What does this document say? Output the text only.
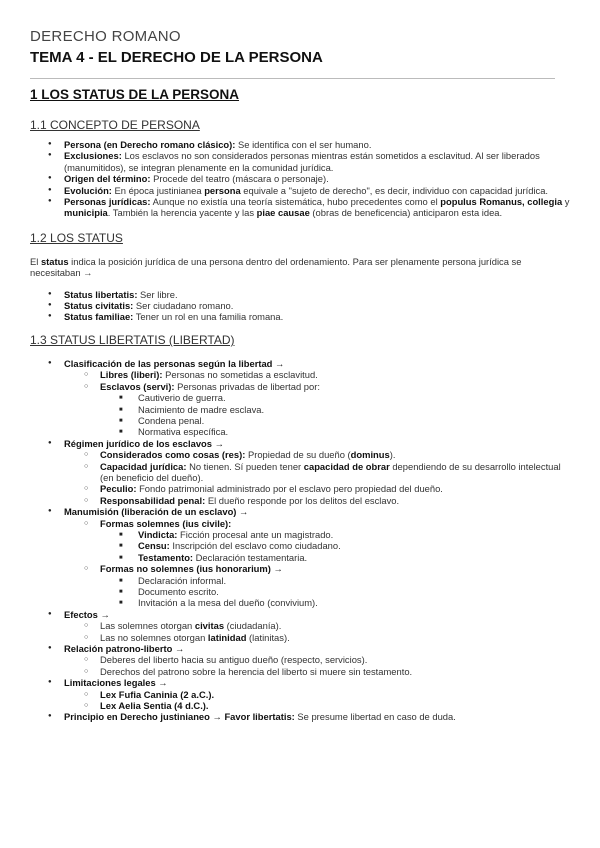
DERECHO ROMANO

TEMA 4 - EL DERECHO DE LA PERSONA

1 LOS STATUS DE LA PERSONA

1.1 CONCEPTO DE PERSONA

● Persona (en Derecho romano clásico): Se identifica con el ser humano.
● Exclusiones: Los esclavos no son considerados personas mientras están sometidos a esclavitud. Al ser liberados (manumitidos), se integran plenamente en la comunidad jurídica.
● Origen del término: Procede del teatro (máscara o personaje).
● Evolución: En época justinianea persona equivale a "sujeto de derecho", es decir, individuo con capacidad jurídica.
● Personas jurídicas: Aunque no existía una teoría sistemática, hubo precedentes como el populus Romanus, collegia y municipia. También la herencia yacente y las piae causae (obras de beneficencia) anticiparon esta idea.

1.2 LOS STATUS

El status indica la posición jurídica de una persona dentro del ordenamiento. Para ser plenamente persona jurídica se necesitaban →

● Status libertatis: Ser libre.
● Status civitatis: Ser ciudadano romano.
● Status familiae: Tener un rol en una familia romana.

1.3 STATUS LIBERTATIS (LIBERTAD)

● Clasificación de las personas según la libertad →
○ Libres (liberi): Personas no sometidas a esclavitud.
○ Esclavos (servi): Personas privadas de libertad por:
■ Cautiverio de guerra.
■ Nacimiento de madre esclava.
■ Condena penal.
■ Normativa específica.
● Régimen jurídico de los esclavos →
○ Considerados como cosas (res): Propiedad de su dueño (dominus).
○ Capacidad jurídica: No tienen. Sí pueden tener capacidad de obrar dependiendo de su desarrollo intelectual (en beneficio del dueño).
○ Peculio: Fondo patrimonial administrado por el esclavo pero propiedad del dueño.
○ Responsabilidad penal: El dueño responde por los delitos del esclavo.
● Manumisión (liberación de un esclavo) →
○ Formas solemnes (ius civile):
■ Vindicta: Ficción procesal ante un magistrado.
■ Censu: Inscripción del esclavo como ciudadano.
■ Testamento: Declaración testamentaria.
○ Formas no solemnes (ius honorarium) →
■ Declaración informal.
■ Documento escrito.
■ Invitación a la mesa del dueño (convivium).
● Efectos →
○ Las solemnes otorgan civitas (ciudadanía).
○ Las no solemnes otorgan latinidad (latinitas).
● Relación patrono-liberto →
○ Deberes del liberto hacia su antiguo dueño (respecto, servicios).
○ Derechos del patrono sobre la herencia del liberto si muere sin testamento.
● Limitaciones legales →
○ Lex Fufia Caninia (2 a.C.).
○ Lex Aelia Sentia (4 d.C.).
● Principio en Derecho justinianeo → Favor libertatis: Se presume libertad en caso de duda.
